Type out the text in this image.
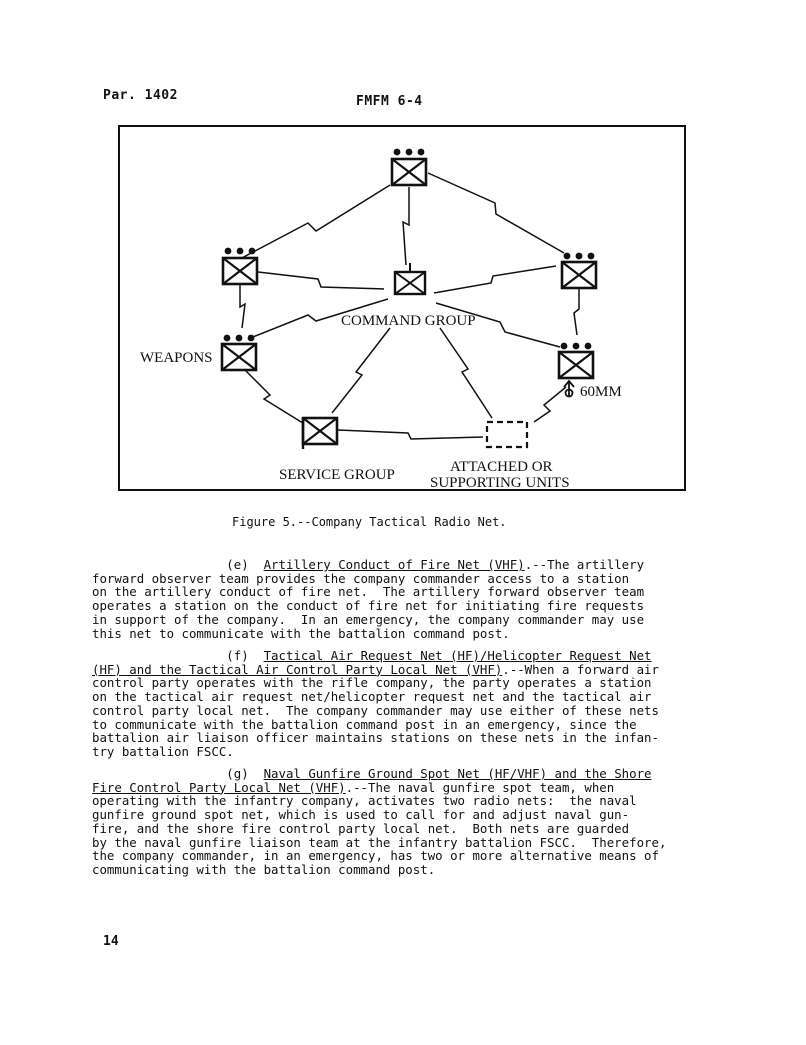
Par. 1402	FMFM 6-4
COMMAND GROUP
WEAPONS
60MM
SERVICE GROUP	ATTACHED OR
SUPPORTING UNITS
Figure 5.--Company Tactical Radio Net.
(e) Artillery Conduct of Fire Net (VHF).--The artillery
forward observer team provides the company commander access to a station
on the artillery conduct of fire net.  The artillery forward observer team
operates a station on the conduct of fire net for initiating fire requests
in support of the company.  In an emergency, the company commander may use
this net to communicate with the battalion command post.
(f) Tactical Air Request Net (HF)/Helicopter Request Net
(HF) and the Tactical Air Control Party Local Net (VHF).--When a forward air
control party operates with the rifle company, the party operates a station
on the tactical air request net/helicopter request net and the tactical air
control party local net.  The company commander may use either of these nets
to communicate with the battalion command post in an emergency, since the
battalion air liaison officer maintains stations on these nets in the infan-
try battalion FSCC.
(g) Naval Gunfire Ground Spot Net (HF/VHF) and the Shore
Fire Control Party Local Net (VHF).--The naval gunfire spot team, when
operating with the infantry company, activates two radio nets:  the naval
gunfire ground spot net, which is used to call for and adjust naval gun-
fire, and the shore fire control party local net.  Both nets are guarded
by the naval gunfire liaison team at the infantry battalion FSCC.  Therefore,
the company commander, in an emergency, has two or more alternative means of
communicating with the battalion command post.
14
